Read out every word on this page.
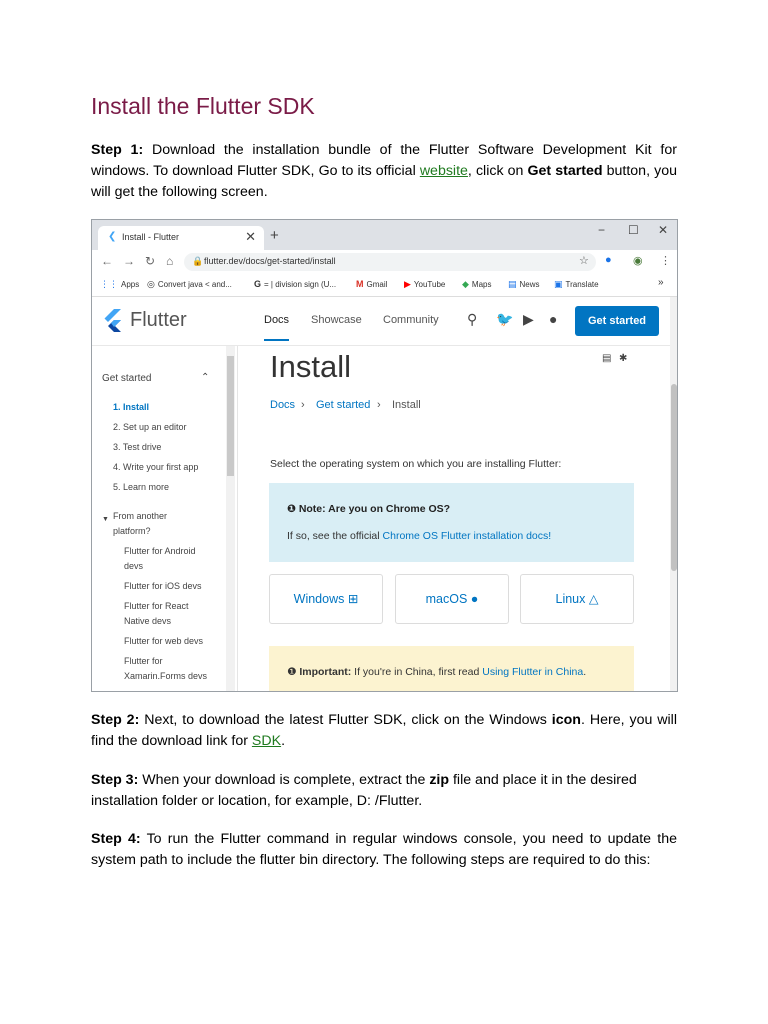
Install the Flutter SDK

Step 1: Download the installation bundle of the Flutter Software Development Kit for windows. To download Flutter SDK, Go to its official website, click on Get started button, you will get the following screen.

❮ Install - Flutter	✕ +	− ☐ ✕
← → ↻ ⌂ 🔒 flutter.dev/docs/get-started/install	☆ ● ◉ ⋮
⋮⋮ Apps ◎ Convert java < and... G = | division sign (U... M Gmail ▶ YouTube ◆ Maps ▤ News ▣ Translate	»
Flutter	Docs Showcase Community ⚲ 🐦 ▶ ●	Get started
Get started	⌃
1. Install
2. Set up an editor
3. Test drive
4. Write your first app
5. Learn more
▼ From another platform?
Flutter for Android devs
Flutter for iOS devs
Flutter for React Native devs
Flutter for web devs
Flutter for Xamarin.Forms devs
Install	▤ ✱
Docs › Get started › Install
Select the operating system on which you are installing Flutter:
❶ Note: Are you on Chrome OS?
If so, see the official Chrome OS Flutter installation docs!
Windows ⊞	macOS ●	Linux △
❶ Important: If you're in China, first read Using Flutter in China.

Step 2: Next, to download the latest Flutter SDK, click on the Windows icon. Here, you will find the download link for SDK.

Step 3: When your download is complete, extract the zip file and place it in the desired installation folder or location, for example, D: /Flutter.

Step 4: To run the Flutter command in regular windows console, you need to update the system path to include the flutter bin directory. The following steps are required to do this:
